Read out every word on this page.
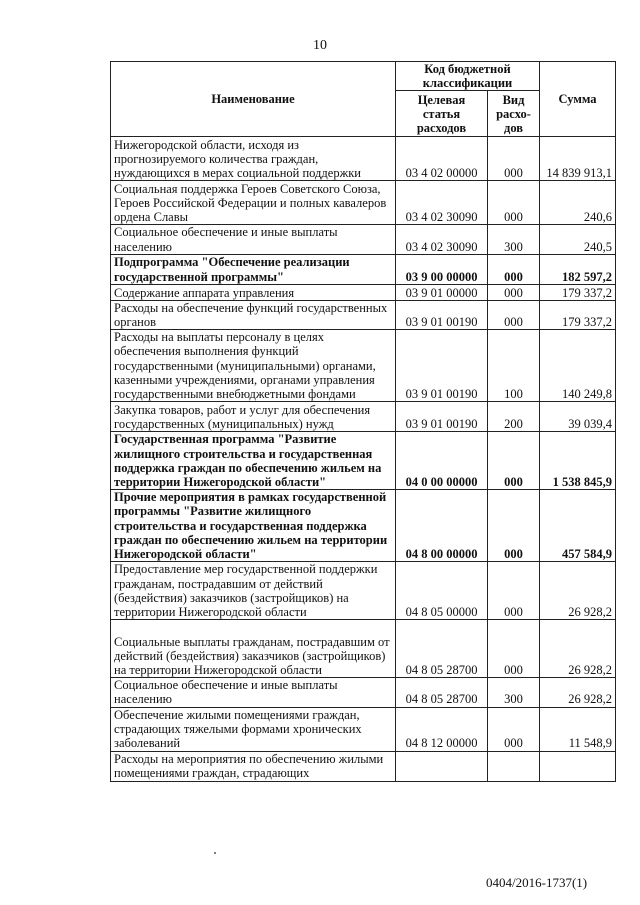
10
Наименование	Код бюджетной классификации		Сумма
	Целевая статья расходов	Вид расхо-дов	
Нижегородской области, исходя из прогнозируемого количества граждан, нуждающихся в мерах социальной поддержки	03 4 02 00000	000	14 839 913,1
Социальная поддержка Героев Советского Союза, Героев Российской Федерации и полных кавалеров ордена Славы	03 4 02 30090	000	240,6
Социальное обеспечение и иные выплаты населению	03 4 02 30090	300	240,5
Подпрограмма "Обеспечение реализации государственной программы"	03 9 00 00000	000	182 597,2
Содержание аппарата управления	03 9 01 00000	000	179 337,2
Расходы на обеспечение функций государственных органов	03 9 01 00190	000	179 337,2
Расходы на выплаты персоналу в целях обеспечения выполнения функций государственными (муниципальными) органами, казенными учреждениями, органами управления государственными внебюджетными фондами	03 9 01 00190	100	140 249,8
Закупка товаров, работ и услуг для обеспечения государственных (муниципальных) нужд	03 9 01 00190	200	39 039,4
Государственная программа "Развитие жилищного строительства и государственная поддержка граждан по обеспечению жильем на территории Нижегородской области"	04 0 00 00000	000	1 538 845,9
Прочие мероприятия в рамках государственной программы "Развитие жилищного строительства и государственная поддержка граждан по обеспечению жильем на территории Нижегородской области"	04 8 00 00000	000	457 584,9
Предоставление мер государственной поддержки гражданам, пострадавшим от действий (бездействия) заказчиков (застройщиков) на территории Нижегородской области	04 8 05 00000	000	26 928,2
Социальные выплаты гражданам, пострадавшим от действий (бездействия) заказчиков (застройщиков) на территории Нижегородской области	04 8 05 28700	000	26 928,2
Социальное обеспечение и иные выплаты населению	04 8 05 28700	300	26 928,2
Обеспечение жилыми помещениями граждан, страдающих тяжелыми формами хронических заболеваний	04 8 12 00000	000	11 548,9
Расходы на мероприятия по обеспечению жилыми помещениями граждан, страдающих			
0404/2016-1737(1)
